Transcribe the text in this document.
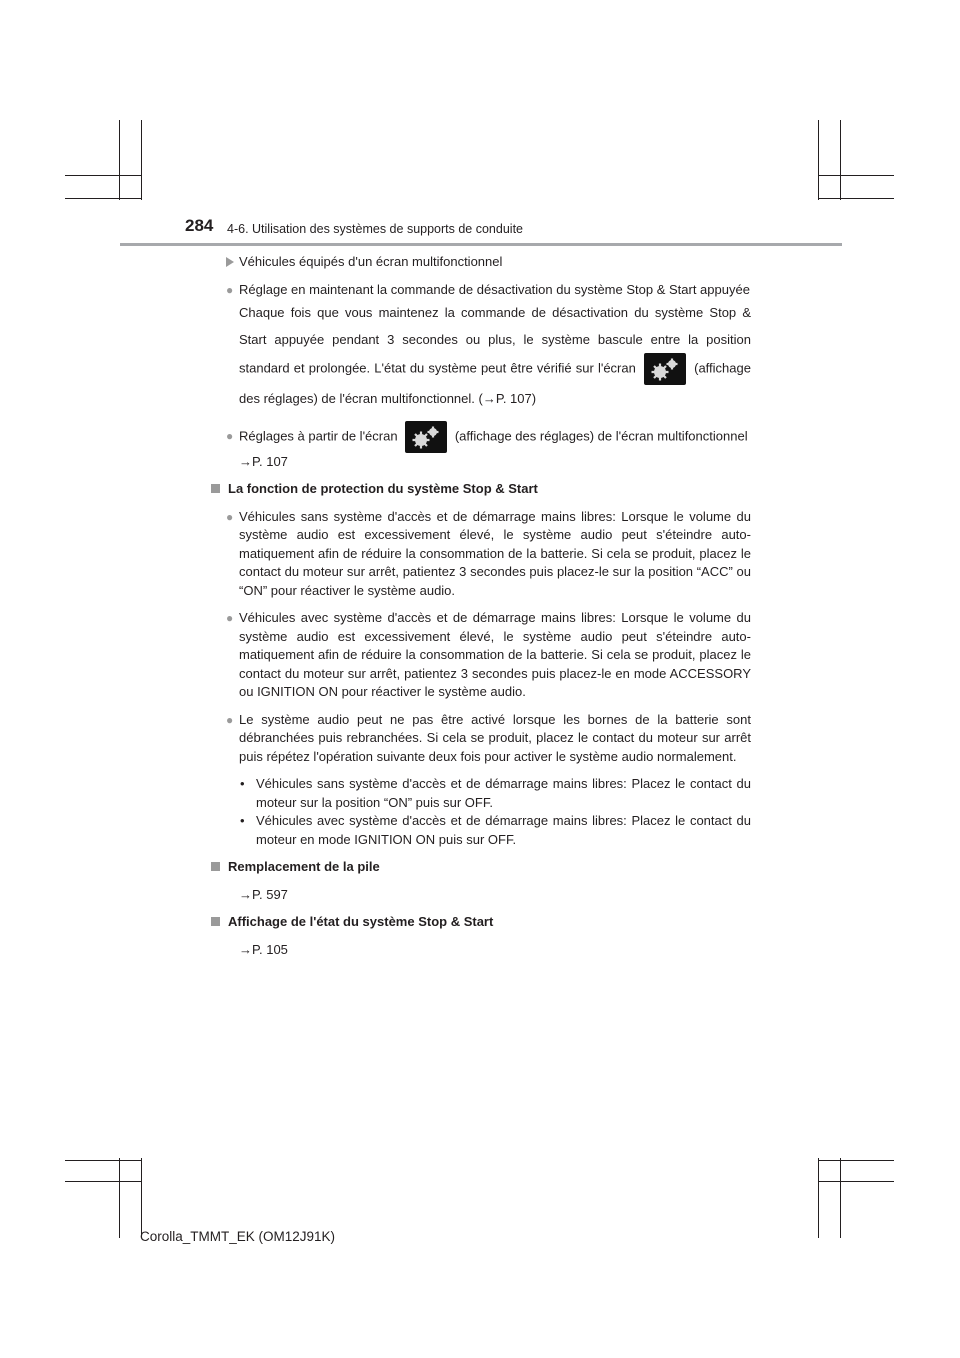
284 4-6. Utilisation des systèmes de supports de conduite
Véhicules équipés d'un écran multifonctionnel
● Réglage en maintenant la commande de désactivation du système Stop & Start appuyée
Chaque fois que vous maintenez la commande de désactivation du système Stop & Start appuyée pendant 3 secondes ou plus, le système bascule entre la position standard et prolongée. L'état du système peut être vérifié sur l'écran	(affichage des réglages) de l'écran multifonctionnel. (→P. 107)
● Réglages à partir de l'écran	(affichage des réglages) de l'écran multifonctionnel
→P. 107
La fonction de protection du système Stop & Start
● Véhicules sans système d'accès et de démarrage mains libres: Lorsque le volume du système audio est excessivement élevé, le système audio peut s'éteindre automatiquement afin de réduire la consommation de la batterie. Si cela se produit, placez le contact du moteur sur arrêt, patientez 3 secondes puis placez-le sur la position “ACC” ou “ON” pour réactiver le système audio.
● Véhicules avec système d'accès et de démarrage mains libres: Lorsque le volume du système audio est excessivement élevé, le système audio peut s'éteindre automatiquement afin de réduire la consommation de la batterie. Si cela se produit, placez le contact du moteur sur arrêt, patientez 3 secondes puis placez-le en mode ACCESSORY ou IGNITION ON pour réactiver le système audio.
● Le système audio peut ne pas être activé lorsque les bornes de la batterie sont débranchées puis rebranchées. Si cela se produit, placez le contact du moteur sur arrêt puis répétez l'opération suivante deux fois pour activer le système audio normalement.
• Véhicules sans système d'accès et de démarrage mains libres: Placez le contact du moteur sur la position “ON” puis sur OFF.
• Véhicules avec système d'accès et de démarrage mains libres: Placez le contact du moteur en mode IGNITION ON puis sur OFF.
Remplacement de la pile
→P. 597
Affichage de l'état du système Stop & Start
→P. 105
Corolla_TMMT_EK (OM12J91K)
